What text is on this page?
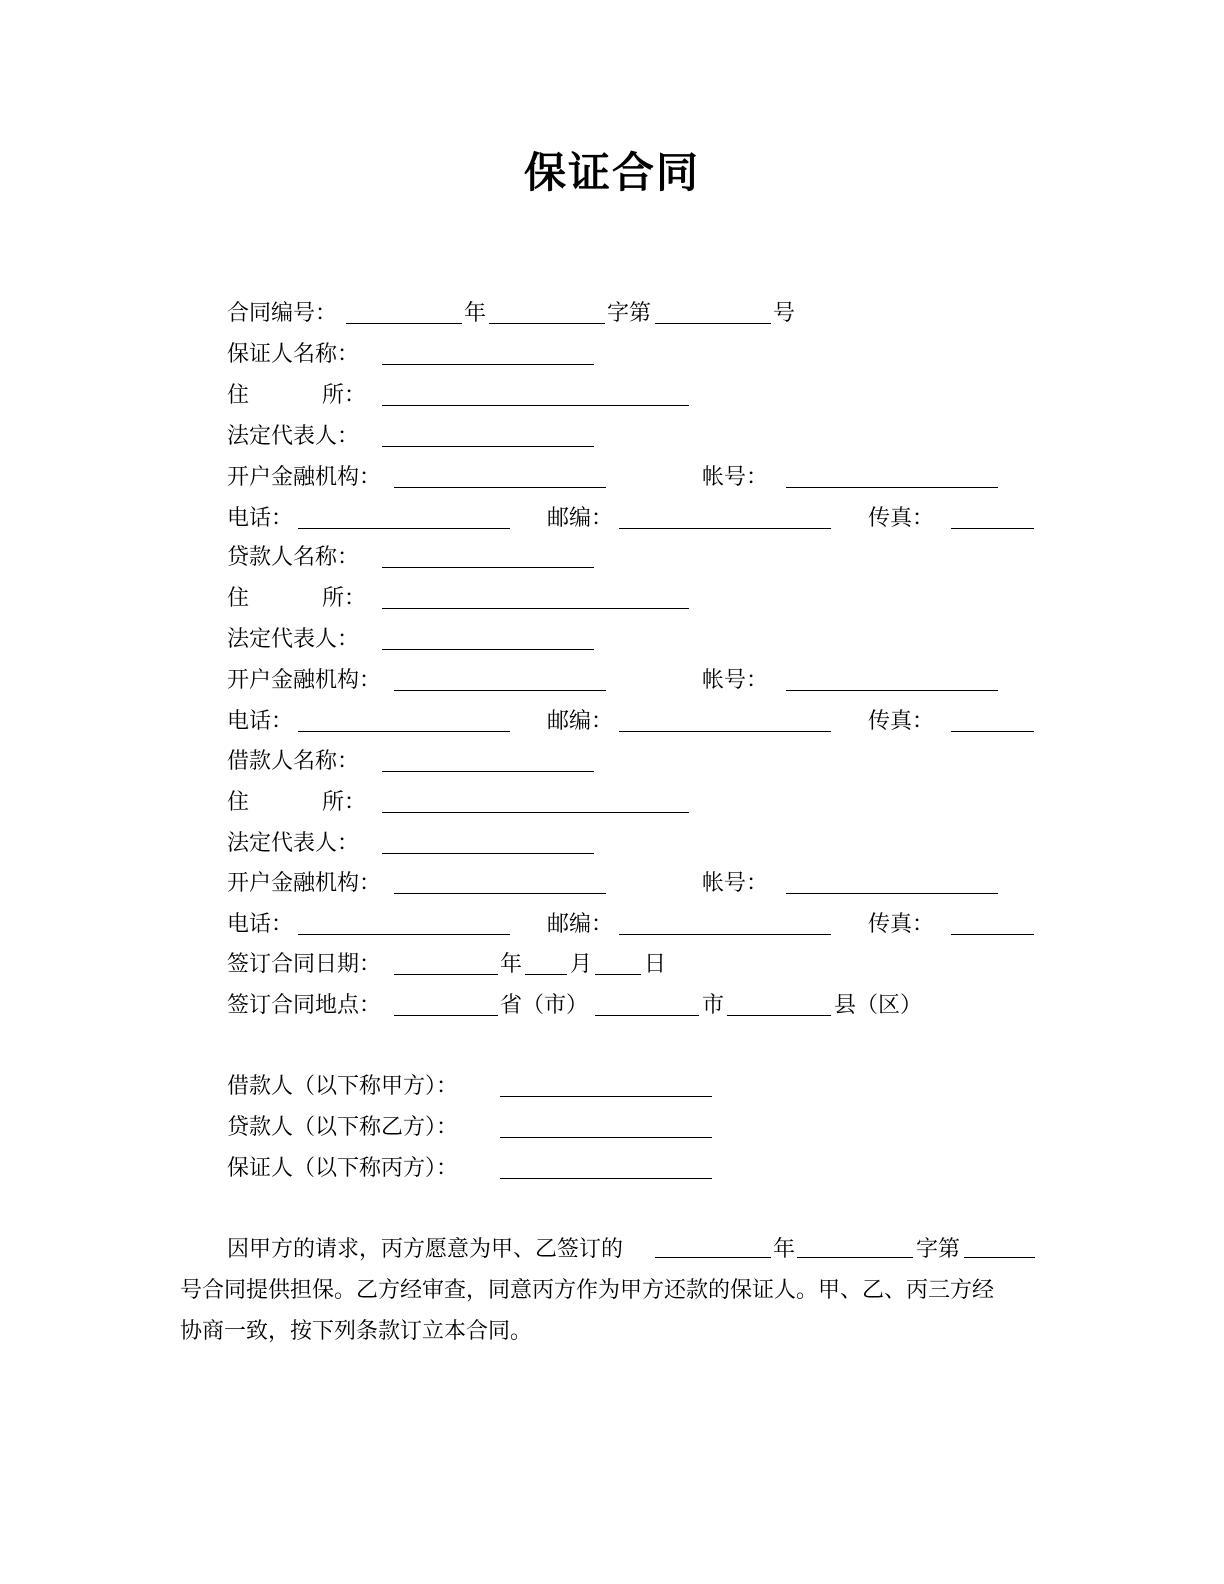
保证合同
合同编号：	年	字第	号
保证人名称：
住	所：
法定代表人：
开户金融机构：	帐号：
电话：	邮编：	传真：
贷款人名称：
住	所：
法定代表人：
开户金融机构：	帐号：
电话：	邮编：	传真：
借款人名称：
住	所：
法定代表人：
开户金融机构：	帐号：
电话：	邮编：	传真：
签订合同日期：	年 月 日
签订合同地点：	省（市）	市	县（区）
借款人（以下称甲方）：
贷款人（以下称乙方）：
保证人（以下称丙方）：
因甲方的请求，丙方愿意为甲、乙签订的	年	字第
号合同提供担保。乙方经审查，同意丙方作为甲方还款的保证人。甲、乙、丙三方经
协商一致，按下列条款订立本合同。
